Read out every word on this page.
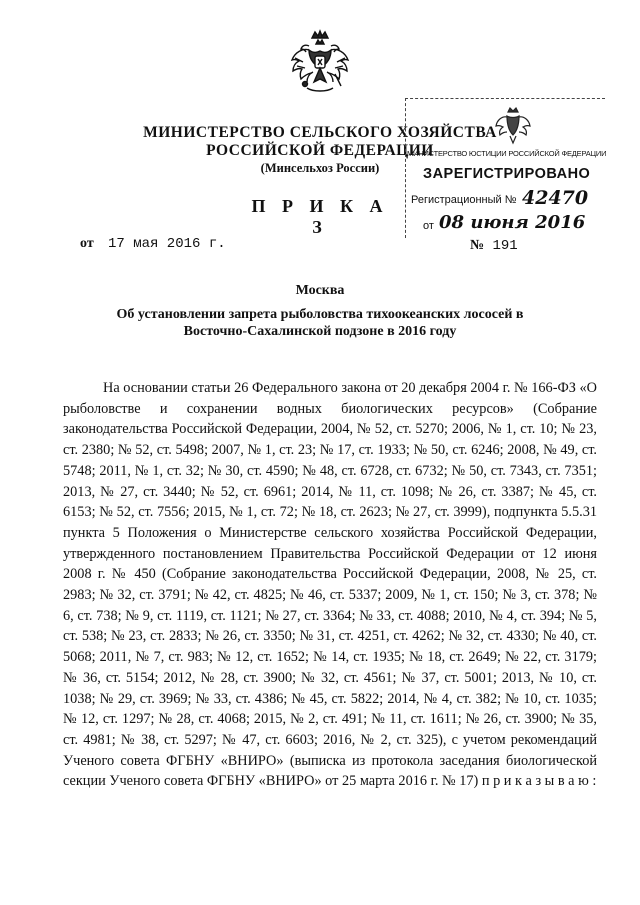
МИНИСТЕРСТВО СЕЛЬСКОГО ХОЗЯЙСТВА РОССИЙСКОЙ ФЕДЕРАЦИИ
(Минсельхоз России)
П Р И К А З
от 17 мая 2016 г.	№ 191
Москва
Об установлении запрета рыболовства тихоокеанских лососей в Восточно-Сахалинской подзоне в 2016 году

На основании статьи 26 Федерального закона от 20 декабря 2004 г. № 166-ФЗ «О рыболовстве и сохранении водных биологических ресурсов» (Собрание законодательства Российской Федерации, 2004, № 52, ст. 5270; 2006, № 1, ст. 10; № 23, ст. 2380; № 52, ст. 5498; 2007, № 1, ст. 23; № 17, ст. 1933; № 50, ст. 6246; 2008, № 49, ст. 5748; 2011, № 1, ст. 32; № 30, ст. 4590; № 48, ст. 6728, ст. 6732; № 50, ст. 7343, ст. 7351; 2013, № 27, ст. 3440; № 52, ст. 6961; 2014, № 11, ст. 1098; № 26, ст. 3387; № 45, ст. 6153; № 52, ст. 7556; 2015, № 1, ст. 72; № 18, ст. 2623; № 27, ст. 3999), подпункта 5.5.31 пункта 5 Положения о Министерстве сельского хозяйства Российской Федерации, утвержденного постановлением Правительства Российской Федерации от 12 июня 2008 г. № 450 (Собрание законодательства Российской Федерации, 2008, № 25, ст. 2983; № 32, ст. 3791; № 42, ст. 4825; № 46, ст. 5337; 2009, № 1, ст. 150; № 3, ст. 378; № 6, ст. 738; № 9, ст. 1119, ст. 1121; № 27, ст. 3364; № 33, ст. 4088; 2010, № 4, ст. 394; № 5, ст. 538; № 23, ст. 2833; № 26, ст. 3350; № 31, ст. 4251, ст. 4262; № 32, ст. 4330; № 40, ст. 5068; 2011, № 7, ст. 983; № 12, ст. 1652; № 14, ст. 1935; № 18, ст. 2649; № 22, ст. 3179; № 36, ст. 5154; 2012, № 28, ст. 3900; № 32, ст. 4561; № 37, ст. 5001; 2013, № 10, ст. 1038; № 29, ст. 3969; № 33, ст. 4386; № 45, ст. 5822; 2014, № 4, ст. 382; № 10, ст. 1035; № 12, ст. 1297; № 28, ст. 4068; 2015, № 2, ст. 491; № 11, ст. 1611; № 26, ст. 3900; № 35, ст. 4981; № 38, ст. 5297; № 47, ст. 6603; 2016, № 2, ст. 325), с учетом рекомендаций Ученого совета ФГБНУ «ВНИРО» (выписка из протокола заседания биологической секции Ученого совета ФГБНУ «ВНИРО» от 25 марта 2016 г. № 17) п р и к а з ы в а ю :

МИНИСТЕРСТВО ЮСТИЦИИ РОССИЙСКОЙ ФЕДЕРАЦИИ
ЗАРЕГИСТРИРОВАНО
Регистрационный № 42470
от 08 июня 2016
